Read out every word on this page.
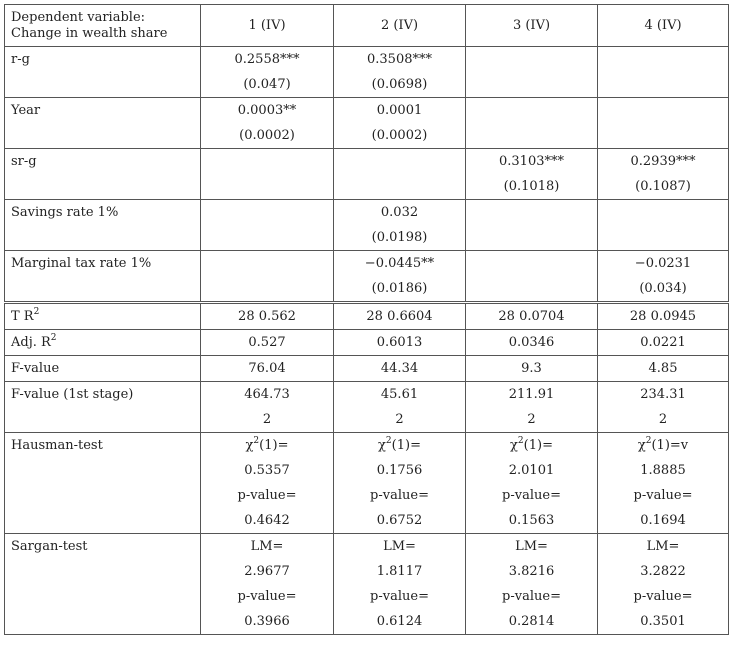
Dependent variable:
Change in wealth share	1 (IV)	2 (IV)	3 (IV)	4 (IV)
r-g	0.2558***	0.3508***		
	(0.047)	(0.0698)		
Year	0.0003**	0.0001		
	(0.0002)	(0.0002)		
sr-g			0.3103***	0.2939***
			(0.1018)	(0.1087)
Savings rate 1%		0.032		
		(0.0198)		
Marginal tax rate 1%		−0.0445**		−0.0231
		(0.0186)		(0.034)
T $R^2$	28 0.562	28 0.6604	28 0.0704	28 0.0945
Adj. $R^2$	0.527	0.6013	0.0346	0.0221
F-value	76.04	44.34	9.3	4.85
F-value (1st stage)	464.73	45.61	211.91	234.31
	2	2	2	2
Hausman-test	$\chi^2(1)=$	$\chi^2(1)=$	$\chi^2(1)=$	$\chi^2(1)=v$
	0.5357	0.1756	2.0101	1.8885
	p-value=	p-value=	p-value=	p-value=
	0.4642	0.6752	0.1563	0.1694
Sargan-test	LM=	LM=	LM=	LM=
	2.9677	1.8117	3.8216	3.2822
	p-value=	p-value=	p-value=	p-value=
	0.3966	0.6124	0.2814	0.3501
